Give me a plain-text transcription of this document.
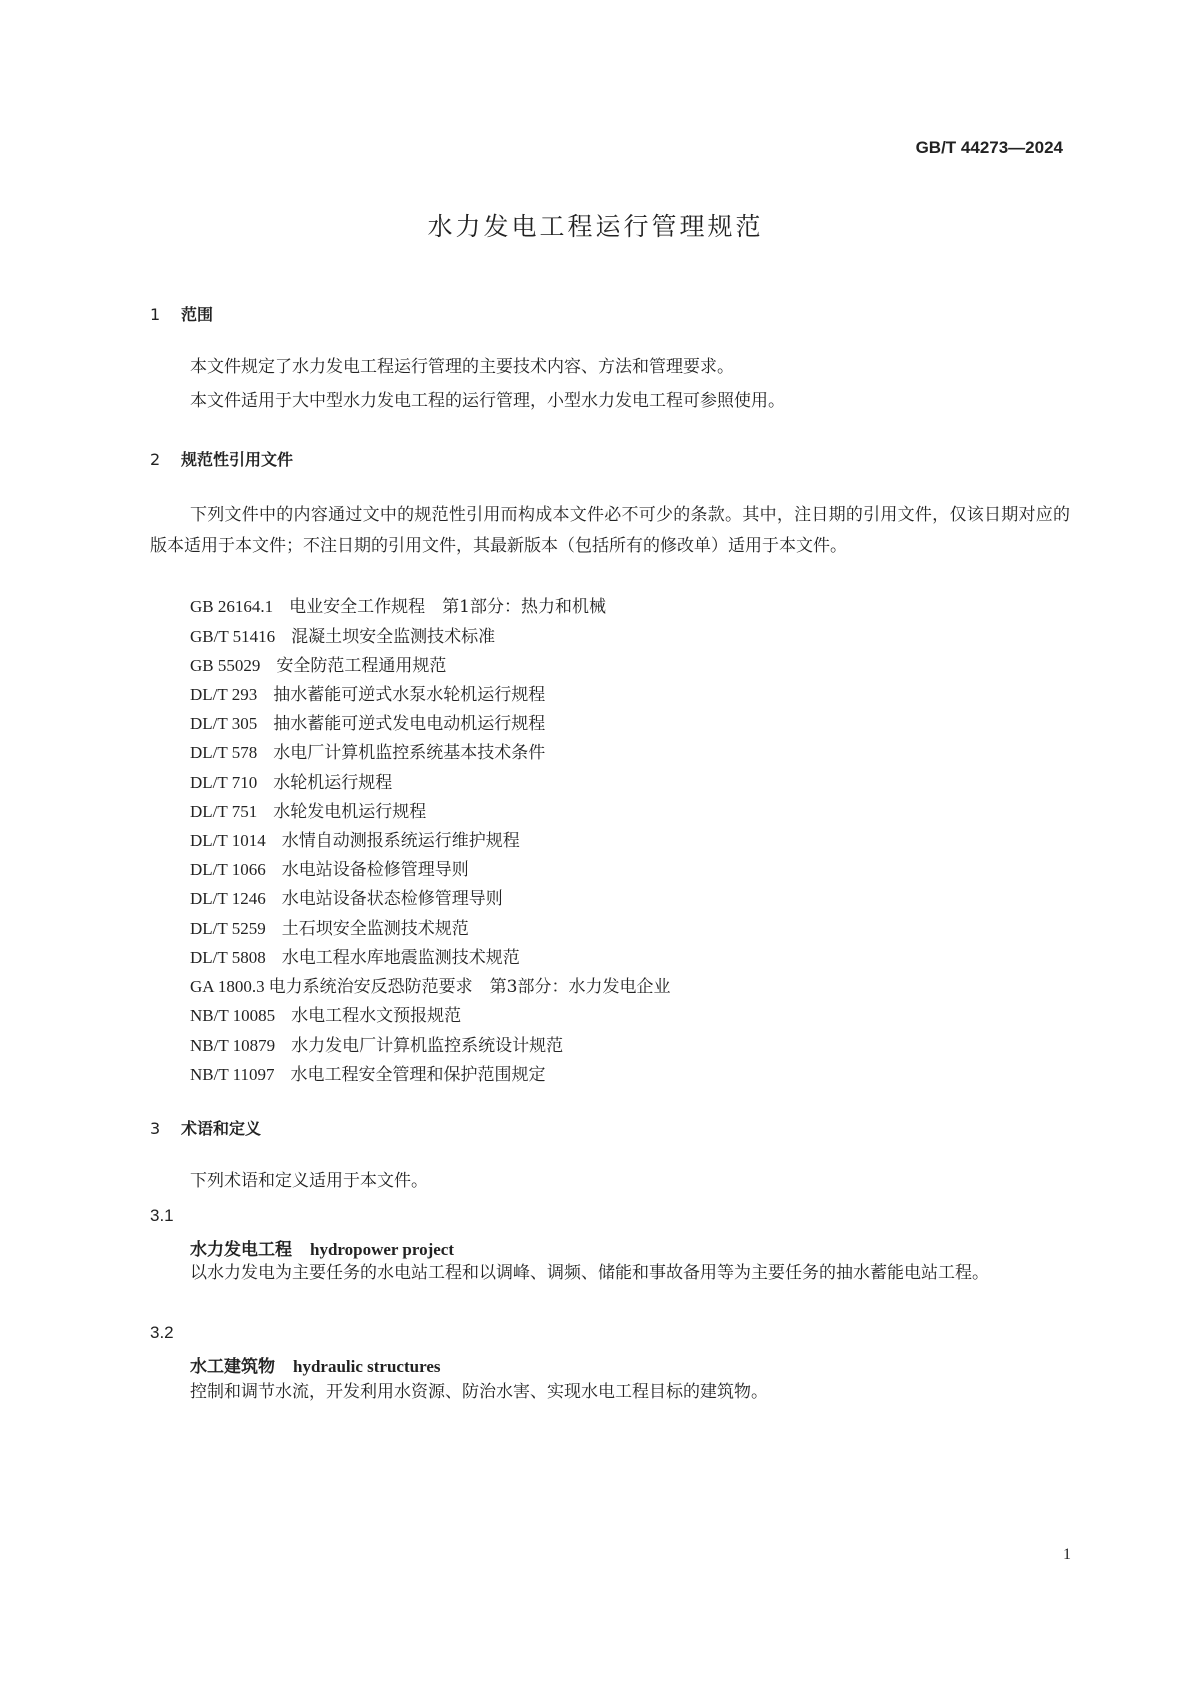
GB/T 44273—2024
水力发电工程运行管理规范
1 范围
本文件规定了水力发电工程运行管理的主要技术内容、方法和管理要求。
本文件适用于大中型水力发电工程的运行管理，小型水力发电工程可参照使用。
2 规范性引用文件
下列文件中的内容通过文中的规范性引用而构成本文件必不可少的条款。其中，注日期的引用文件，仅该日期对应的版本适用于本文件；不注日期的引用文件，其最新版本（包括所有的修改单）适用于本文件。
GB 26164.1 电业安全工作规程　第1部分：热力和机械
GB/T 51416 混凝土坝安全监测技术标准
GB 55029 安全防范工程通用规范
DL/T 293 抽水蓄能可逆式水泵水轮机运行规程
DL/T 305 抽水蓄能可逆式发电电动机运行规程
DL/T 578 水电厂计算机监控系统基本技术条件
DL/T 710 水轮机运行规程
DL/T 751 水轮发电机运行规程
DL/T 1014 水情自动测报系统运行维护规程
DL/T 1066 水电站设备检修管理导则
DL/T 1246 水电站设备状态检修管理导则
DL/T 5259 土石坝安全监测技术规范
DL/T 5808 水电工程水库地震监测技术规范
GA 1800.3 电力系统治安反恐防范要求　第3部分：水力发电企业
NB/T 10085 水电工程水文预报规范
NB/T 10879 水力发电厂计算机监控系统设计规范
NB/T 11097 水电工程安全管理和保护范围规定
3 术语和定义
下列术语和定义适用于本文件。
3.1
水力发电工程 hydropower project
以水力发电为主要任务的水电站工程和以调峰、调频、储能和事故备用等为主要任务的抽水蓄能电站工程。
3.2
水工建筑物 hydraulic structures
控制和调节水流，开发利用水资源、防治水害、实现水电工程目标的建筑物。
1
